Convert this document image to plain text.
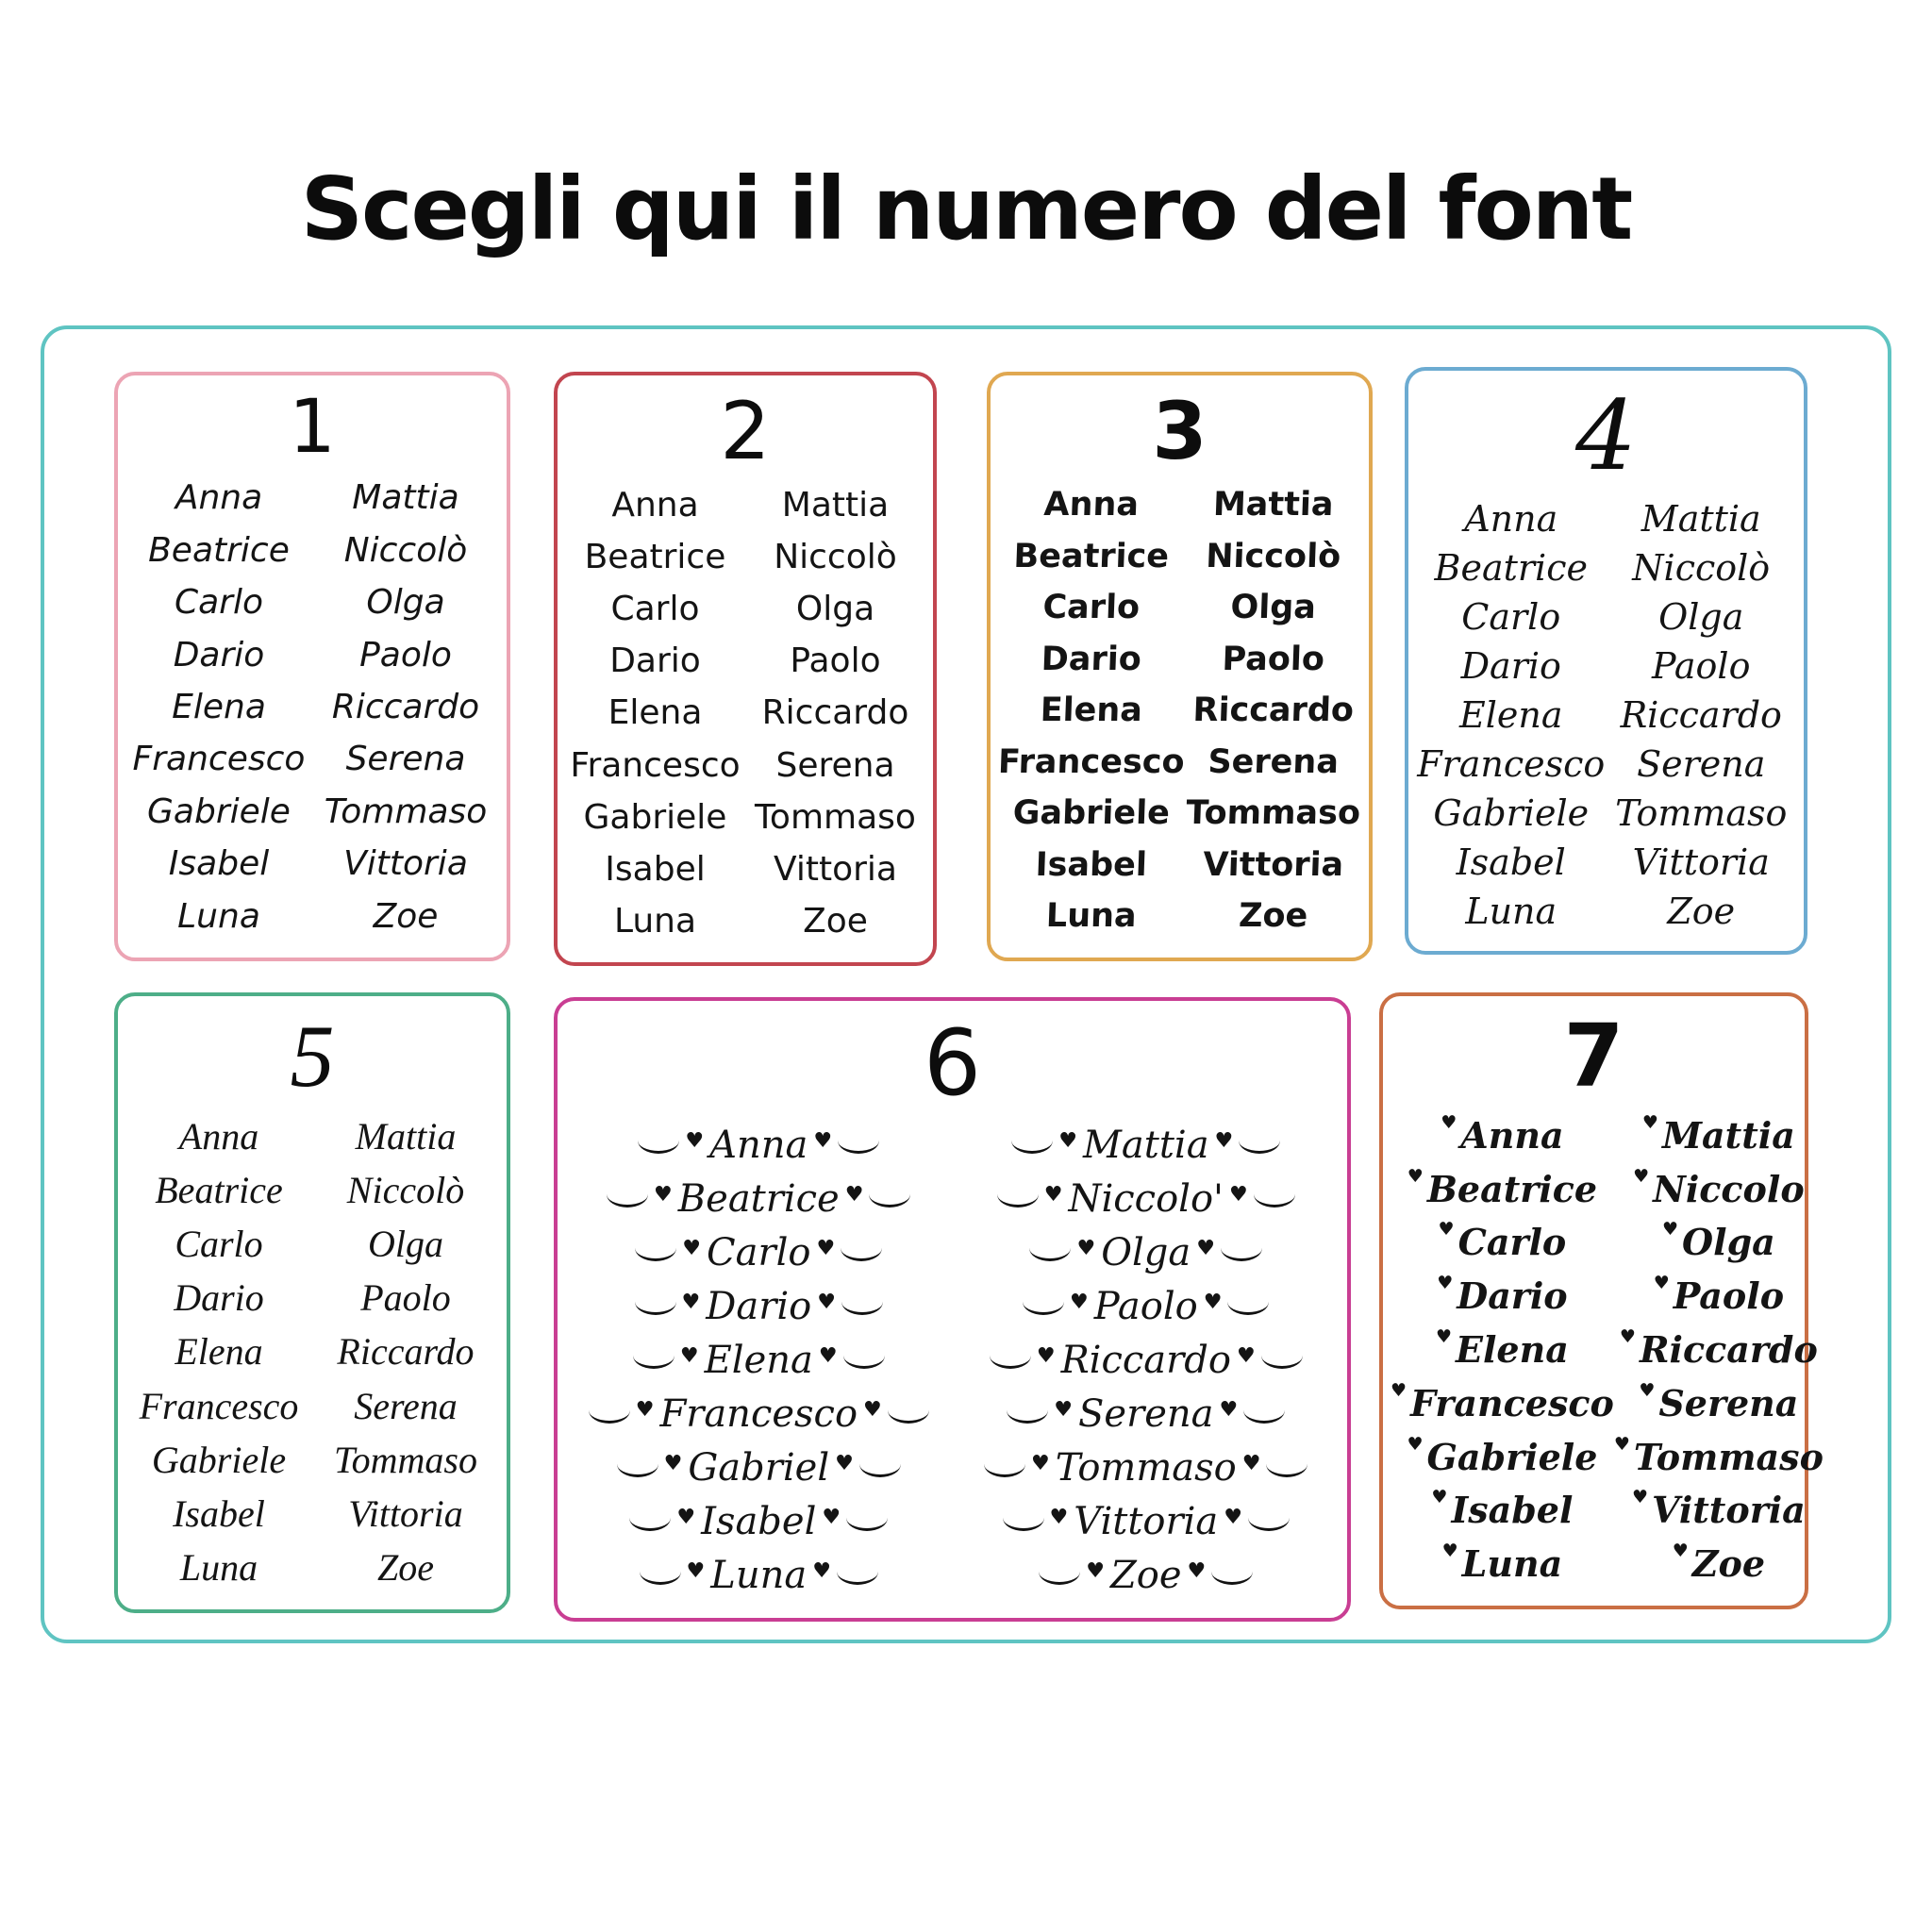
Scegli qui il numero del font
1
Anna
Beatrice
Carlo
Dario
Elena
Francesco
Gabriele
Isabel
Luna
Mattia
Niccolò
Olga
Paolo
Riccardo
Serena
Tommaso
Vittoria
Zoe
2
Anna
Beatrice
Carlo
Dario
Elena
Francesco
Gabriele
Isabel
Luna
Mattia
Niccolò
Olga
Paolo
Riccardo
Serena
Tommaso
Vittoria
Zoe
3
Anna
Beatrice
Carlo
Dario
Elena
Francesco
Gabriele
Isabel
Luna
Mattia
Niccolò
Olga
Paolo
Riccardo
Serena
Tommaso
Vittoria
Zoe
4
Anna
Beatrice
Carlo
Dario
Elena
Francesco
Gabriele
Isabel
Luna
Mattia
Niccolò
Olga
Paolo
Riccardo
Serena
Tommaso
Vittoria
Zoe
5
Anna
Beatrice
Carlo
Dario
Elena
Francesco
Gabriele
Isabel
Luna
Mattia
Niccolò
Olga
Paolo
Riccardo
Serena
Tommaso
Vittoria
Zoe
6
♥ Anna ♥
♥ Beatrice ♥
♥ Carlo ♥
♥ Dario ♥
♥ Elena ♥
♥ Francesco ♥
♥ Gabriel ♥
♥ Isabel ♥
♥ Luna ♥
♥ Mattia ♥
♥ Niccolo' ♥
♥ Olga ♥
♥ Paolo ♥
♥ Riccardo ♥
♥ Serena ♥
♥ Tommaso ♥
♥ Vittoria ♥
♥ Zoe ♥
7
♥ Anna
♥ Beatrice
♥ Carlo
♥ Dario
♥ Elena
♥ Francesco
♥ Gabriele
♥ Isabel
♥ Luna
♥ Mattia
♥ Niccolo
♥ Olga
♥ Paolo
♥ Riccardo
♥ Serena
♥ Tommaso
♥ Vittoria
♥ Zoe
